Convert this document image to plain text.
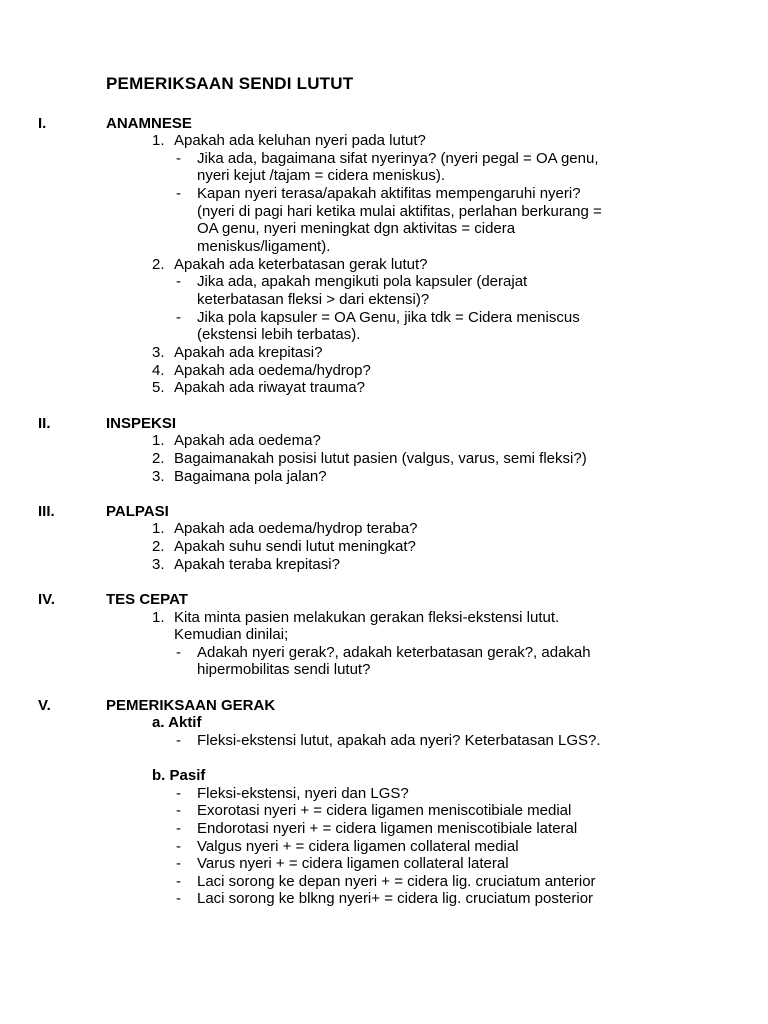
PEMERIKSAAN SENDI LUTUT
I.	ANAMNESE
1. Apakah ada keluhan nyeri pada lutut?
- Jika ada, bagaimana sifat nyerinya? (nyeri pegal = OA genu,
nyeri kejut /tajam = cidera meniskus).
- Kapan nyeri terasa/apakah aktifitas mempengaruhi nyeri?
(nyeri di pagi hari ketika mulai aktifitas, perlahan berkurang =
OA genu, nyeri meningkat dgn aktivitas = cidera
meniskus/ligament).
2. Apakah ada keterbatasan gerak lutut?
- Jika ada, apakah mengikuti pola kapsuler (derajat
keterbatasan fleksi > dari ektensi)?
- Jika pola kapsuler = OA Genu, jika tdk = Cidera meniscus
(ekstensi lebih terbatas).
3. Apakah ada krepitasi?
4. Apakah ada oedema/hydrop?
5. Apakah ada riwayat trauma?
II.	INSPEKSI
1. Apakah ada oedema?
2. Bagaimanakah posisi lutut pasien (valgus, varus, semi fleksi?)
3. Bagaimana pola jalan?
III.	PALPASI
1. Apakah ada oedema/hydrop teraba?
2. Apakah suhu sendi lutut meningkat?
3. Apakah teraba krepitasi?
IV.	TES CEPAT
1. Kita minta pasien melakukan gerakan fleksi-ekstensi lutut.
Kemudian dinilai;
- Adakah nyeri gerak?, adakah keterbatasan gerak?, adakah
hipermobilitas sendi lutut?
V.	PEMERIKSAAN GERAK
a. Aktif
- Fleksi-ekstensi lutut, apakah ada nyeri? Keterbatasan LGS?.
b. Pasif
- Fleksi-ekstensi, nyeri dan LGS?
- Exorotasi nyeri + = cidera ligamen meniscotibiale medial
- Endorotasi nyeri + = cidera ligamen meniscotibiale lateral
- Valgus nyeri + = cidera ligamen collateral medial
- Varus nyeri + = cidera ligamen collateral lateral
- Laci sorong ke depan nyeri + = cidera lig. cruciatum anterior
- Laci sorong ke blkng nyeri+ = cidera lig. cruciatum posterior
